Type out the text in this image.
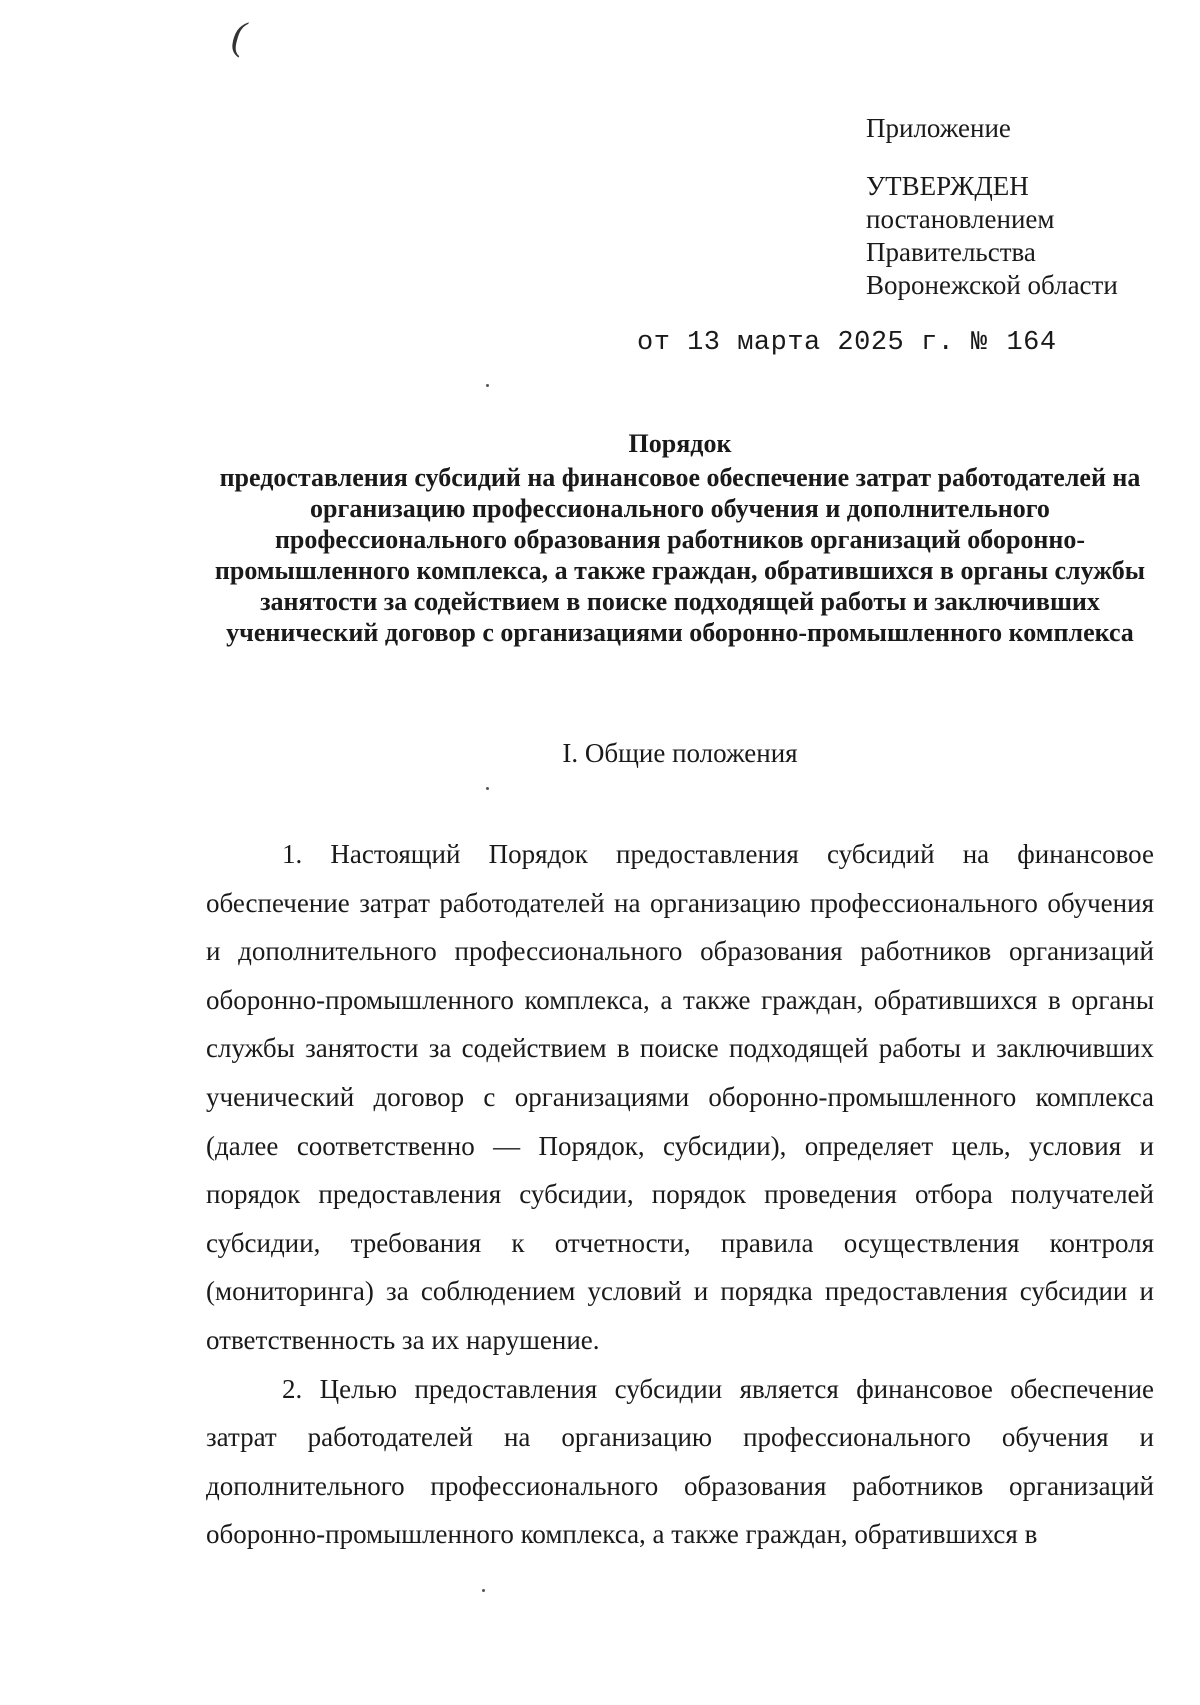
(
Приложение
УТВЕРЖДЕН
постановлением
Правительства
Воронежской области
от 13 марта 2025 г. № 164
Порядок
предоставления субсидий на финансовое обеспечение затрат работодателей на организацию профессионального обучения и дополнительного профессионального образования работников организаций оборонно-промышленного комплекса, а также граждан, обратившихся в органы службы занятости за содействием в поиске подходящей работы и заключивших ученический договор с организациями оборонно-промышленного комплекса
I. Общие положения

1. Настоящий Порядок предоставления субсидий на финансовое обеспечение затрат работодателей на организацию профессионального обучения и дополнительного профессионального образования работников организаций оборонно-промышленного комплекса, а также граждан, обратившихся в органы службы занятости за содействием в поиске подходящей работы и заключивших ученический договор с организациями оборонно-промышленного комплекса (далее соответственно — Порядок, субсидии), определяет цель, условия и порядок предоставления субсидии, порядок проведения отбора получателей субсидии, требования к отчетности, правила осуществления контроля (мониторинга) за соблюдением условий и порядка предоставления субсидии и ответственность за их нарушение.

2. Целью предоставления субсидии является финансовое обеспечение затрат работодателей на организацию профессионального обучения и дополнительного профессионального образования работников организаций оборонно-промышленного комплекса, а также граждан, обратившихся в
